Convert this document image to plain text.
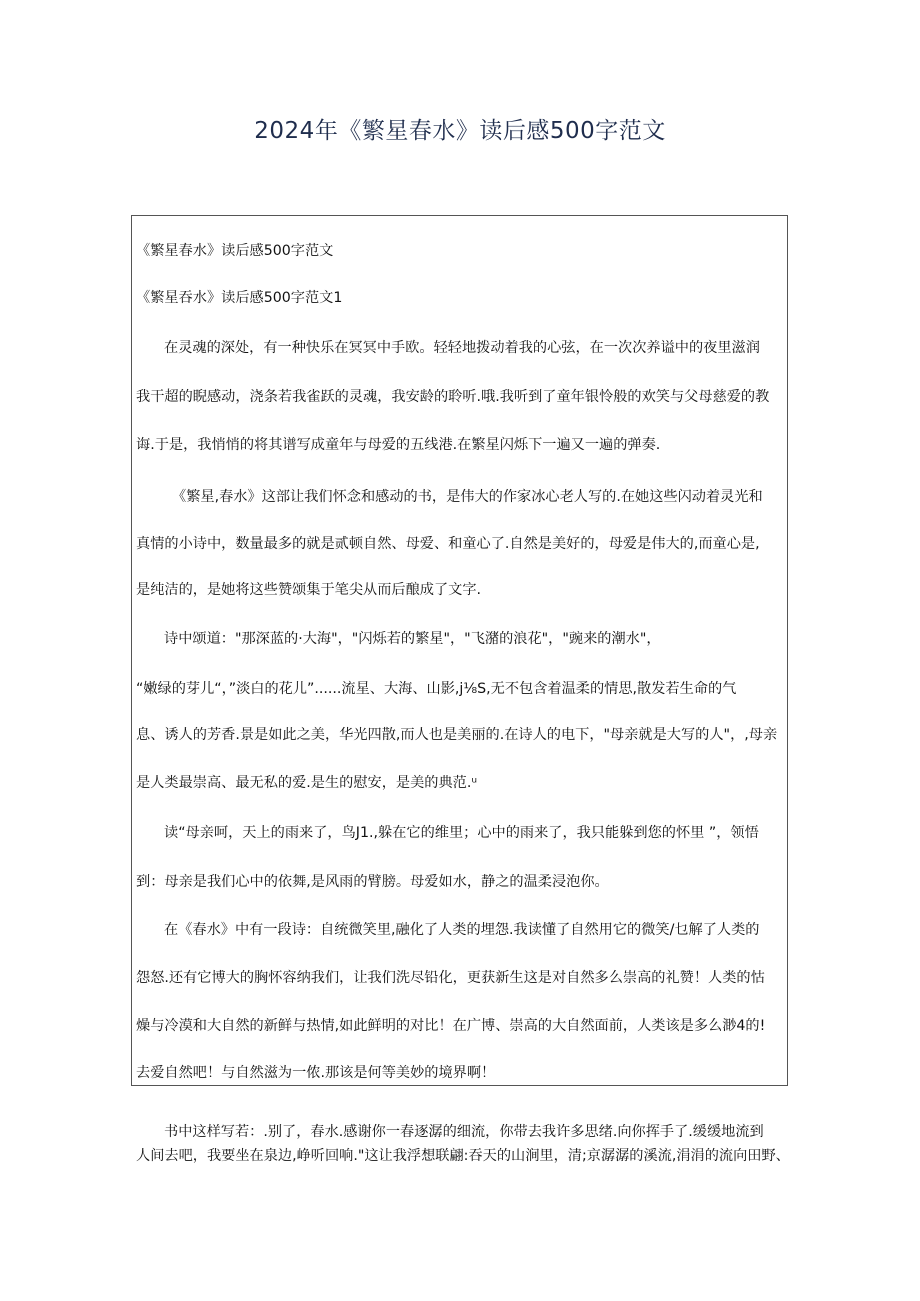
2024年《繁星春水》读后感500字范文
《繁星春水》读后感500字范文
《繁星吞水》读后感500字范文1
在灵魂的深处，有一种快乐在冥冥中手欧。轻轻地拨动着我的心弦，在一次次养谥中的夜里滋润
我干超的睨感动，浇条若我雀跃的灵魂，我安龄的聆听.哦.我听到了童年银怜般的欢笑与父母慈爱的教
诲.于是，我悄悄的将其谱写成童年与母爱的五线港.在繁星闪烁下一遍又一遍的弹奏.
《繁星,春水》这部让我们怀念和感动的书，是伟大的作家冰心老人写的.在她这些闪动着灵光和
真情的小诗中，数量最多的就是贰顿自然、母爱、和童心了.自然是美好的，母爱是伟大的,而童心是,
是纯洁的，是她将这些赞颂集于笔尖从而后酿成了文字.
诗中颂道："那深蓝的·大海"，"闪烁若的繁星"，"飞潴的浪花"，"豌来的潮水"，
“嫩绿的芽儿“，”淡白的花儿”......流星、大海、山影,j⅛S,无不包含着温柔的情思,散发若生命的气
息、诱人的芳香.景是如此之美，华光四散,而人也是美丽的.在诗人的电下，"母亲就是大写的人"，,母亲
是人类最崇高、最无私的爱.是生的慰安，是美的典范.ᵘ
读“母亲呵，天上的雨来了，鸟J1.,躲在它的维里；心中的雨来了，我只能躲到您的怀里 ”，领悟
到：母亲是我们心中的依舞,是风雨的臂膀。母爱如水，静之的温柔浸泡你。
在《春水》中有一段诗：自统微笑里,融化了人类的埋怨.我读懂了自然用它的微笑/乜解了人类的
怨怒.还有它博大的胸怀容纳我们，让我们洗尽铅化，更获新生这是对自然多么崇高的礼赞！人类的怙
燥与冷漠和大自然的新鲜与热情,如此鲜明的对比！在广博、崇高的大自然面前，人类该是多么渺4的!
去爱自然吧！与自然滋为一侬.那该是何等美妙的境界啊！
书中这样写若：.别了，春水.感谢你一春逐潺的细流，你带去我许多思绪.向你挥手了.缓缓地流到
人间去吧，我要坐在泉边,峥听回响."这让我浮想联翩:吞天的山涧里，清;京潺潺的溪流,涓涓的流向田野、
